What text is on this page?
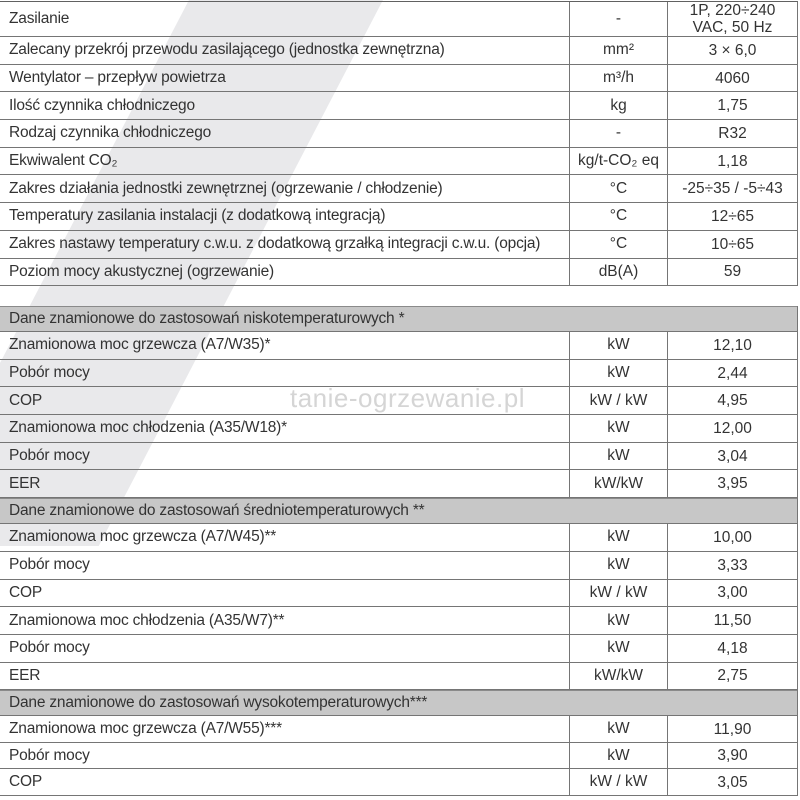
tanie-ogrzewanie.pl
Zasilanie	-	1P, 220÷240 VAC, 50 Hz
Zalecany przekrój przewodu zasilającego (jednostka zewnętrzna)	mm²	3 × 6,0
Wentylator – przepływ powietrza	m³/h	4060
Ilość czynnika chłodniczego	kg	1,75
Rodzaj czynnika chłodniczego	-	R32
Ekwiwalent CO₂	kg/t-CO₂ eq	1,18
Zakres działania jednostki zewnętrznej (ogrzewanie / chłodzenie)	°C	-25÷35 / -5÷43
Temperatury zasilania instalacji (z dodatkową integracją)	°C	12÷65
Zakres nastawy temperatury c.w.u. z dodatkową grzałką integracji c.w.u. (opcja)	°C	10÷65
Poziom mocy akustycznej (ogrzewanie)	dB(A)	59
Dane znamionowe do zastosowań niskotemperaturowych *
Znamionowa moc grzewcza (A7/W35)*	kW	12,10
Pobór mocy	kW	2,44
COP	kW / kW	4,95
Znamionowa moc chłodzenia (A35/W18)*	kW	12,00
Pobór mocy	kW	3,04
EER	kW/kW	3,95
Dane znamionowe do zastosowań średniotemperaturowych **
Znamionowa moc grzewcza (A7/W45)**	kW	10,00
Pobór mocy	kW	3,33
COP	kW / kW	3,00
Znamionowa moc chłodzenia (A35/W7)**	kW	11,50
Pobór mocy	kW	4,18
EER	kW/kW	2,75
Dane znamionowe do zastosowań wysokotemperaturowych***
Znamionowa moc grzewcza (A7/W55)***	kW	11,90
Pobór mocy	kW	3,90
COP	kW / kW	3,05
